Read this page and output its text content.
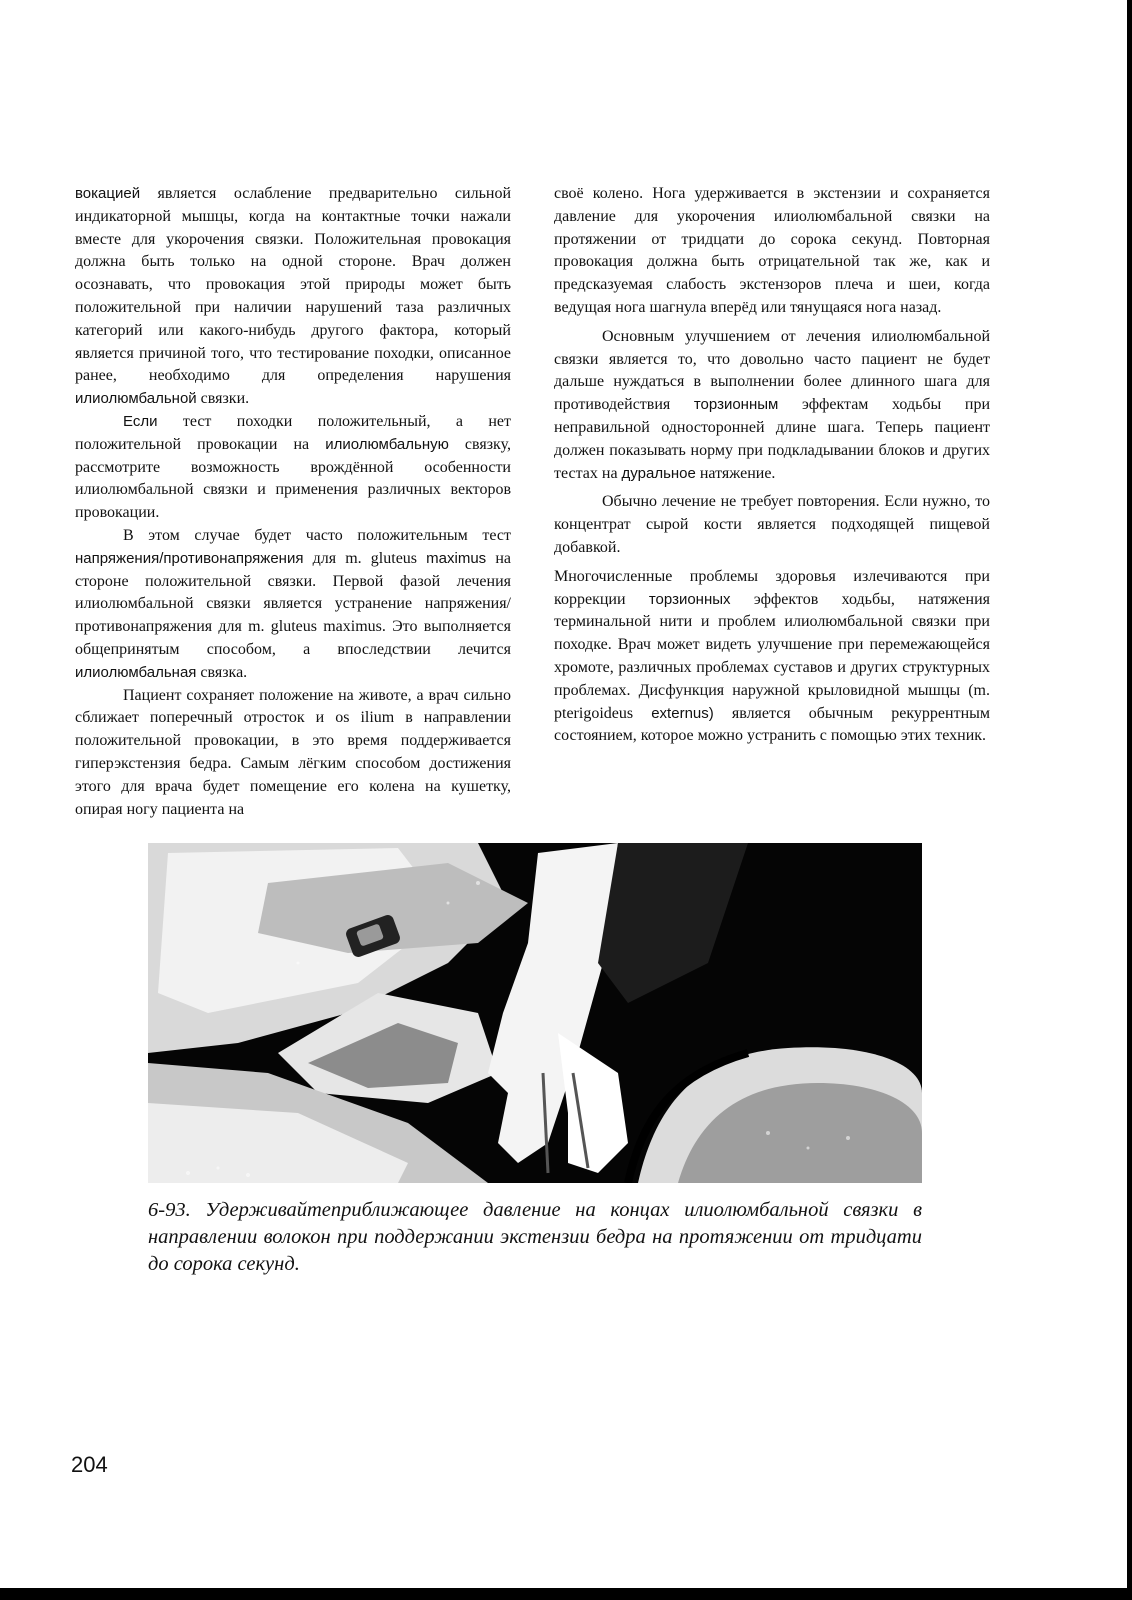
вокацией является ослабление предварительно сильной индикаторной мышцы, когда на контактные точки нажали вместе для укорочения связки. Положительная провокация должна быть только на одной стороне. Врач должен осознавать, что провокация этой природы может быть положительной при наличии нарушений таза различных категорий или какого-нибудь другого фактора, который является причиной того, что тестирование походки, описанное ранее, необходимо для определения нарушения илиолюмбальной связки.

Если тест походки положительный, а нет положительной провокации на илиолюмбальную связку, рассмотрите возможность врождённой особенности илиолюмбальной связки и применения различных векторов провокации.

В этом случае будет часто положительным тест напряжения/противонапряжения для m. gluteus maximus на стороне положительной связки. Первой фазой лечения илиолюмбальной связки является устранение напряжения/противонапряжения для m. gluteus maximus. Это выполняется общепринятым способом, а впоследствии лечится илиолюмбальная связка.

Пациент сохраняет положение на животе, а врач сильно сближает поперечный отросток и os ilium в направлении положительной провокации, в это время поддерживается гиперэкстензия бедра. Самым лёгким способом достижения этого для врача будет помещение его колена на кушетку, опирая ногу пациента на

своё колено. Нога удерживается в экстензии и сохраняется давление для укорочения илиолюмбальной связки на протяжении от тридцати до сорока секунд. Повторная провокация должна быть отрицательной так же, как и предсказуемая слабость экстензоров плеча и шеи, когда ведущая нога шагнула вперёд или тянущаяся нога назад.

Основным улучшением от лечения илиолюмбальной связки является то, что довольно часто пациент не будет дальше нуждаться в выполнении более длинного шага для противодействия торзионным эффектам ходьбы при неправильной односторонней длине шага. Теперь пациент должен показывать норму при подкладывании блоков и других тестах на дуральное натяжение.

Обычно лечение не требует повторения. Если нужно, то концентрат сырой кости является подходящей пищевой добавкой.

Многочисленные проблемы здоровья излечиваются при коррекции торзионных эффектов ходьбы, натяжения терминальной нити и проблем илиолюмбальной связки при походке. Врач может видеть улучшение при перемежающейся хромоте, различных проблемах суставов и других структурных проблемах. Дисфункция наружной крыловидной мышцы (m. pterigoideus externus) является обычным рекуррентным состоянием, которое можно устранить с помощью этих техник.

6-93. Удерживайтеприближающее давление на концах илиолюмбальной связки в направлении волокон при поддержании экстензии бедра на протяжении от тридцати до сорока секунд.
204
